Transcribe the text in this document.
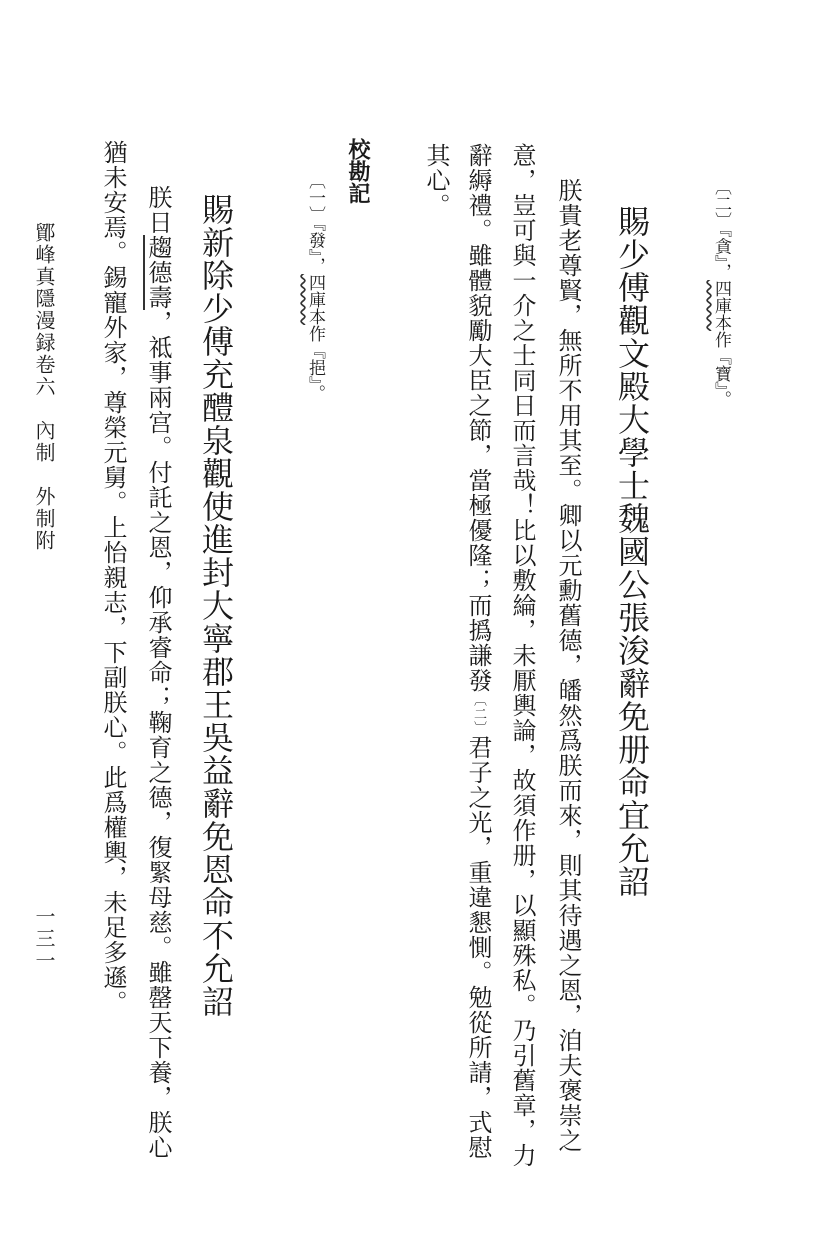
〔二〕『貪』，四庫本作『寶』。
賜少傅觀文殿大學士魏國公張浚辭免册命宜允詔
朕貴老尊賢，無所不用其至。卿以元勳舊德，皤然爲朕而來，則其待遇之恩，洎夫褒崇之
意，豈可與一介之士同日而言哉！比以敷綸，未厭輿論，故須作册，以顯殊私。乃引舊章，力
辭縟禮。雖體貌勵大臣之節，當極優隆；而撝謙發〔二〕君子之光，重違懇惻。勉從所請，式慰
其心。
校勘記
〔一〕『發』，四庫本作『挹』。
賜新除少傅充醴泉觀使進封大寧郡王吳益辭免恩命不允詔
朕日趨德壽，祗事兩宫。付託之恩，仰承睿命；鞠育之德，復緊母慈。雖罄天下養，朕心
猶未安焉。錫寵外家，尊榮元舅。上怡親志，下副朕心。此爲權輿，未足多遜。
鄮峰真隱漫録卷六　內制　外制附
一三一
